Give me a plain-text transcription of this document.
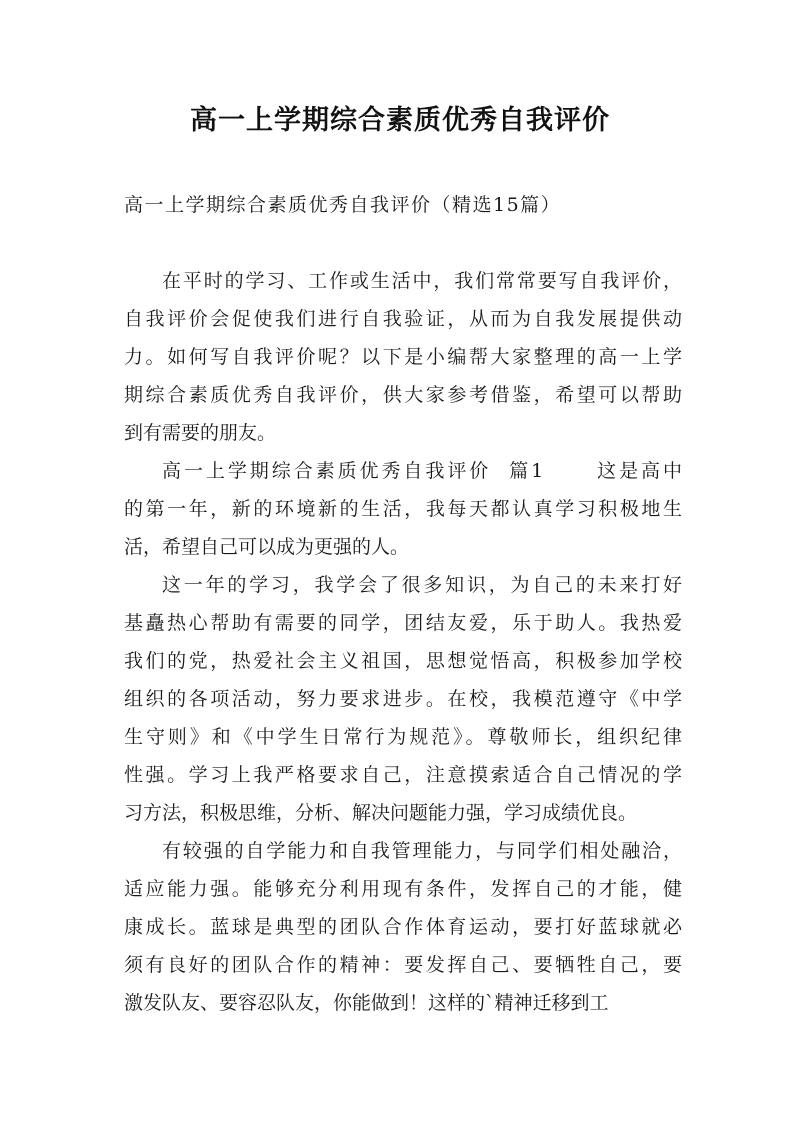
高一上学期综合素质优秀自我评价
高一上学期综合素质优秀自我评价（精选15篇）
在平时的学习、工作或生活中，我们常常要写自我评价，
自我评价会促使我们进行自我验证，从而为自我发展提供动
力。如何写自我评价呢？以下是小编帮大家整理的高一上学
期综合素质优秀自我评价，供大家参考借鉴，希望可以帮助
到有需要的朋友。
高一上学期综合素质优秀自我评价  篇1      这是高中
的第一年，新的环境新的生活，我每天都认真学习积极地生
活，希望自己可以成为更强的人。
这一年的学习，我学会了很多知识，为自己的未来打好
基矗热心帮助有需要的同学，团结友爱，乐于助人。我热爱
我们的党，热爱社会主义祖国，思想觉悟高，积极参加学校
组织的各项活动，努力要求进步。在校，我模范遵守《中学
生守则》和《中学生日常行为规范》。尊敬师长，组织纪律
性强。学习上我严格要求自己，注意摸索适合自己情况的学
习方法，积极思维，分析、解决问题能力强，学习成绩优良。
有较强的自学能力和自我管理能力，与同学们相处融洽，
适应能力强。能够充分利用现有条件，发挥自己的才能，健
康成长。蓝球是典型的团队合作体育运动，要打好蓝球就必
须有良好的团队合作的精神：要发挥自己、要牺牲自己，要
激发队友、要容忍队友，你能做到！这样的`精神迁移到工
